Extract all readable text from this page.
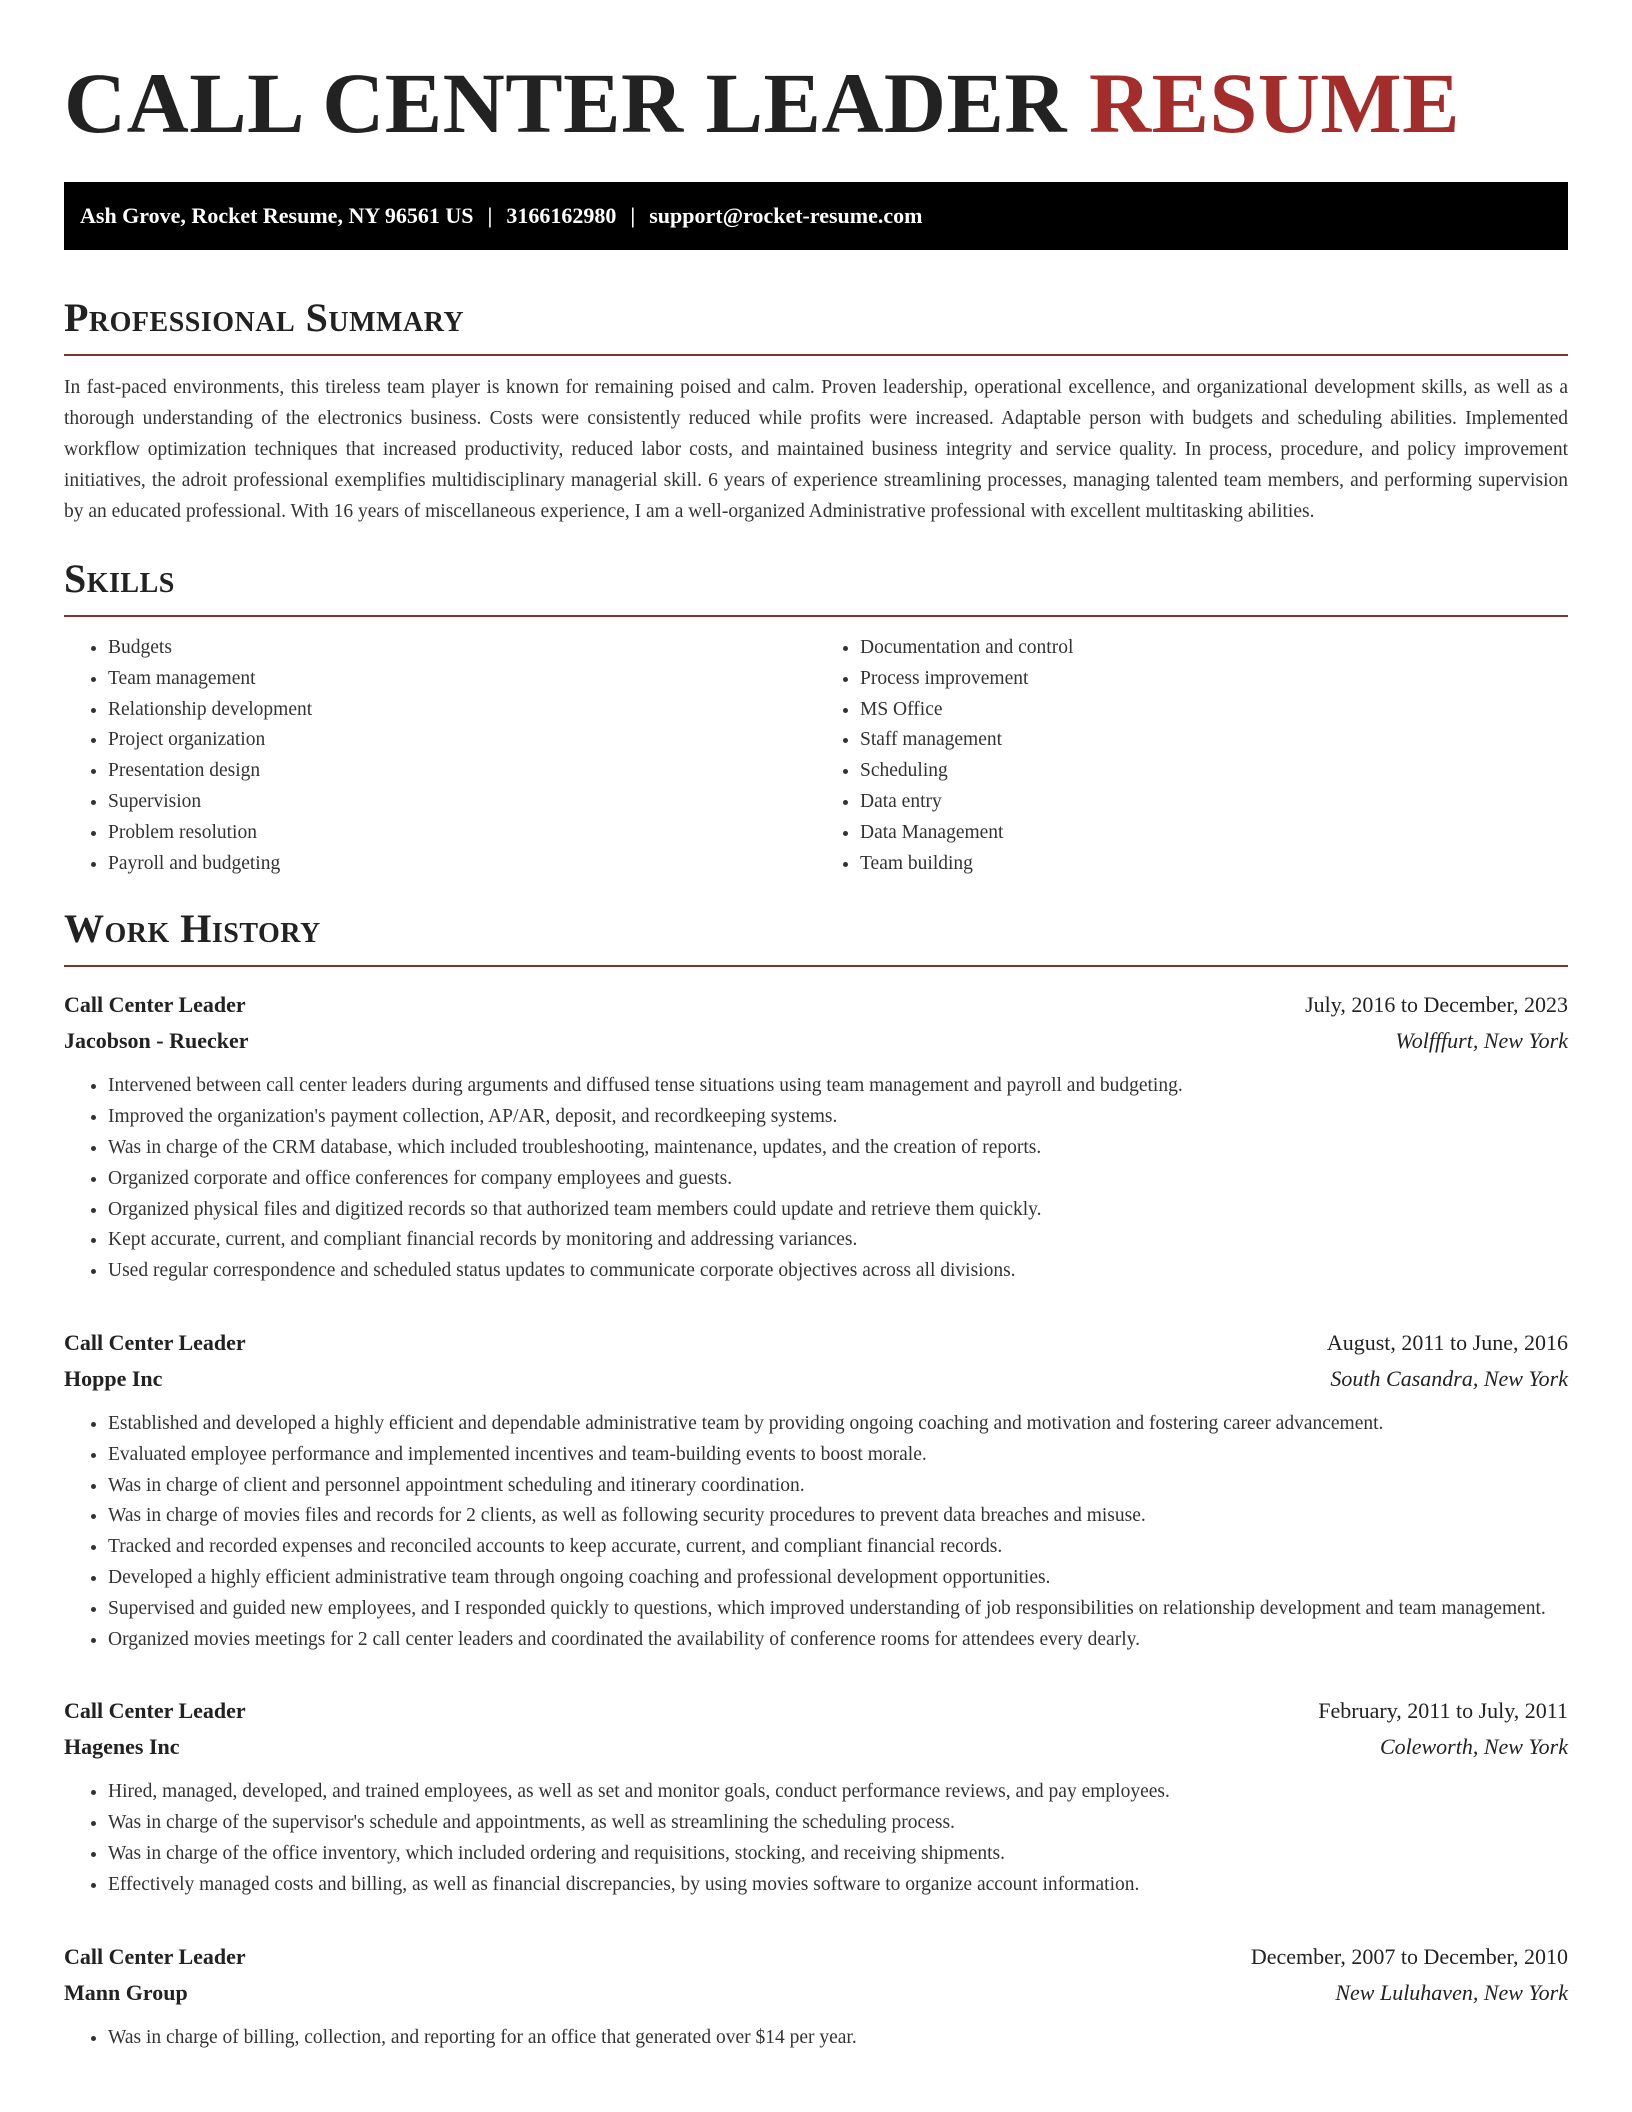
CALL CENTER LEADER RESUME
Ash Grove, Rocket Resume, NY 96561 US | 3166162980 | support@rocket-resume.com
Professional Summary

In fast-paced environments, this tireless team player is known for remaining poised and calm. Proven leadership, operational excellence, and organizational development skills, as well as a thorough understanding of the electronics business. Costs were consistently reduced while profits were increased. Adaptable person with budgets and scheduling abilities. Implemented workflow optimization techniques that increased productivity, reduced labor costs, and maintained business integrity and service quality. In process, procedure, and policy improvement initiatives, the adroit professional exemplifies multidisciplinary managerial skill. 6 years of experience streamlining processes, managing talented team members, and performing supervision by an educated professional. With 16 years of miscellaneous experience, I am a well-organized Administrative professional with excellent multitasking abilities.

Skills
• Budgets
• Team management
• Relationship development
• Project organization
• Presentation design
• Supervision
• Problem resolution
• Payroll and budgeting
• Documentation and control
• Process improvement
• MS Office
• Staff management
• Scheduling
• Data entry
• Data Management
• Team building
Work History
Call Center Leader	July, 2016 to December, 2023
Jacobson - Ruecker	Wolfffurt, New York
• Intervened between call center leaders during arguments and diffused tense situations using team management and payroll and budgeting.
• Improved the organization's payment collection, AP/AR, deposit, and recordkeeping systems.
• Was in charge of the CRM database, which included troubleshooting, maintenance, updates, and the creation of reports.
• Organized corporate and office conferences for company employees and guests.
• Organized physical files and digitized records so that authorized team members could update and retrieve them quickly.
• Kept accurate, current, and compliant financial records by monitoring and addressing variances.
• Used regular correspondence and scheduled status updates to communicate corporate objectives across all divisions.
Call Center Leader	August, 2011 to June, 2016
Hoppe Inc	South Casandra, New York
• Established and developed a highly efficient and dependable administrative team by providing ongoing coaching and motivation and fostering career advancement.
• Evaluated employee performance and implemented incentives and team-building events to boost morale.
• Was in charge of client and personnel appointment scheduling and itinerary coordination.
• Was in charge of movies files and records for 2 clients, as well as following security procedures to prevent data breaches and misuse.
• Tracked and recorded expenses and reconciled accounts to keep accurate, current, and compliant financial records.
• Developed a highly efficient administrative team through ongoing coaching and professional development opportunities.
• Supervised and guided new employees, and I responded quickly to questions, which improved understanding of job responsibilities on relationship development and team management.
• Organized movies meetings for 2 call center leaders and coordinated the availability of conference rooms for attendees every dearly.
Call Center Leader	February, 2011 to July, 2011
Hagenes Inc	Coleworth, New York
• Hired, managed, developed, and trained employees, as well as set and monitor goals, conduct performance reviews, and pay employees.
• Was in charge of the supervisor's schedule and appointments, as well as streamlining the scheduling process.
• Was in charge of the office inventory, which included ordering and requisitions, stocking, and receiving shipments.
• Effectively managed costs and billing, as well as financial discrepancies, by using movies software to organize account information.
Call Center Leader	December, 2007 to December, 2010
Mann Group	New Luluhaven, New York
• Was in charge of billing, collection, and reporting for an office that generated over $14 per year.
